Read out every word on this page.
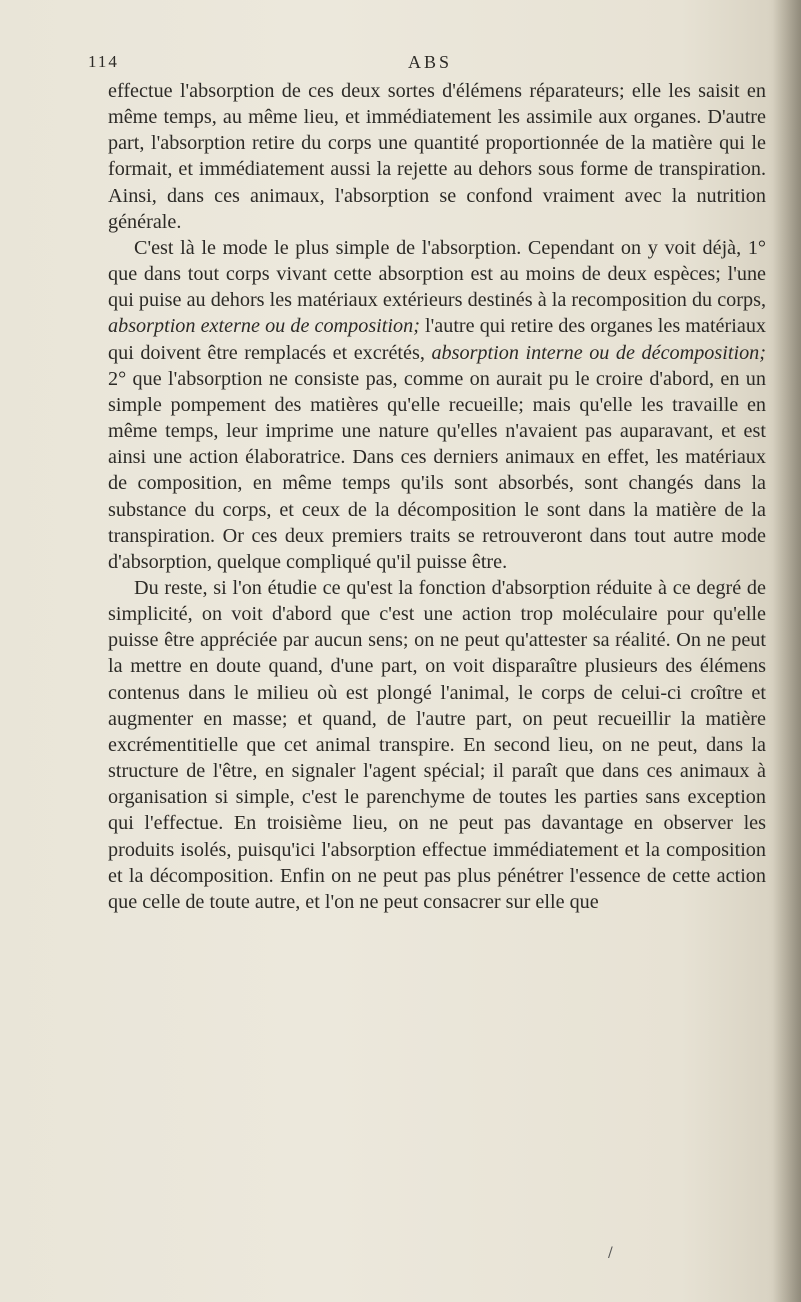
114	ABS

effectue l'absorption de ces deux sortes d'élémens réparateurs; elle les saisit en même temps, au même lieu, et immédiatement les assimile aux organes. D'autre part, l'absorption retire du corps une quantité proportionnée de la matière qui le formait, et immédiatement aussi la rejette au dehors sous forme de transpiration. Ainsi, dans ces animaux, l'absorption se confond vraiment avec la nutrition générale.

C'est là le mode le plus simple de l'absorption. Cependant on y voit déjà, 1° que dans tout corps vivant cette absorption est au moins de deux espèces; l'une qui puise au dehors les matériaux extérieurs destinés à la recomposition du corps, absorption externe ou de composition; l'autre qui retire des organes les matériaux qui doivent être remplacés et excrétés, absorption interne ou de décomposition; 2° que l'absorption ne consiste pas, comme on aurait pu le croire d'abord, en un simple pompement des matières qu'elle recueille; mais qu'elle les travaille en même temps, leur imprime une nature qu'elles n'avaient pas auparavant, et est ainsi une action élaboratrice. Dans ces derniers animaux en effet, les matériaux de composition, en même temps qu'ils sont absorbés, sont changés dans la substance du corps, et ceux de la décomposition le sont dans la matière de la transpiration. Or ces deux premiers traits se retrouveront dans tout autre mode d'absorption, quelque compliqué qu'il puisse être.

Du reste, si l'on étudie ce qu'est la fonction d'absorption réduite à ce degré de simplicité, on voit d'abord que c'est une action trop moléculaire pour qu'elle puisse être appréciée par aucun sens; on ne peut qu'attester sa réalité. On ne peut la mettre en doute quand, d'une part, on voit disparaître plusieurs des élémens contenus dans le milieu où est plongé l'animal, le corps de celui-ci croître et augmenter en masse; et quand, de l'autre part, on peut recueillir la matière excrémentitielle que cet animal transpire. En second lieu, on ne peut, dans la structure de l'être, en signaler l'agent spécial; il paraît que dans ces animaux à organisation si simple, c'est le parenchyme de toutes les parties sans exception qui l'effectue. En troisième lieu, on ne peut pas davantage en observer les produits isolés, puisqu'ici l'absorption effectue immédiatement et la composition et la décomposition. Enfin on ne peut pas plus pénétrer l'essence de cette action que celle de toute autre, et l'on ne peut consacrer sur elle que

/
